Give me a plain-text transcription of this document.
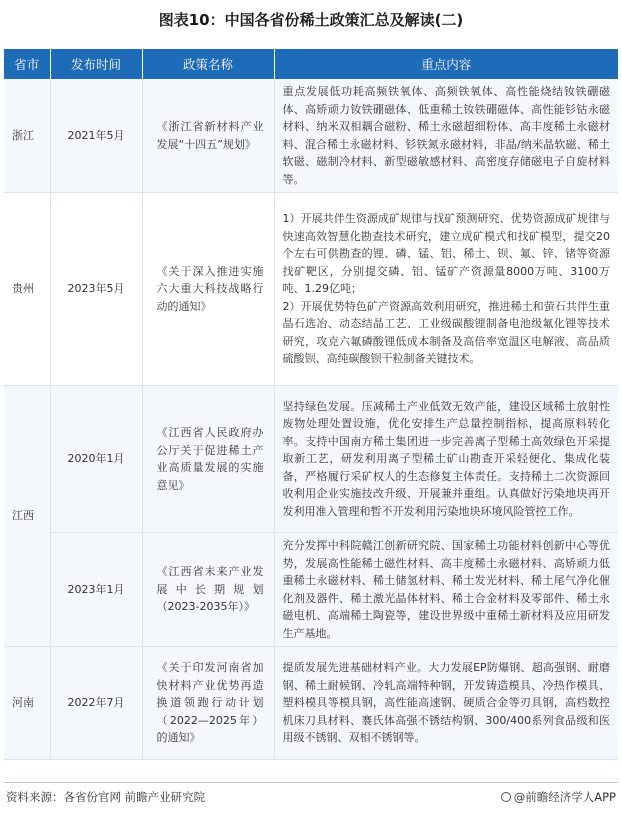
图表10：中国各省份稀土政策汇总及解读(二)
省市	发布时间	政策名称	重点内容
浙江	2021年5月	《浙江省新材料产业发展“十四五”规划》	重点发展低功耗高频铁氧体、高频铁氧体、高性能烧结钕铁硼磁体、高矫顽力钕铁硼磁体、低重稀土钕铁硼磁体、高性能钐钴永磁材料、纳米双相耦合磁粉、稀土永磁超细粉体、高丰度稀土永磁材料、混合稀土永磁材料、钐铁氮永磁材料，非晶/纳米晶软磁、稀土软磁、磁制冷材料、新型磁敏感材料、高密度存储磁电子自旋材料等。

贵州	2023年5月	《关于深入推进实施六大重大科技战略行动的通知》	1）开展共伴生资源成矿规律与找矿预测研究、优势资源成矿规律与快速高效智慧化勘查技术研究，建立成矿模式和找矿模型，提交20个左右可供勘查的锂、磷、锰、铝、稀土、钡、氟、锌、锗等资源找矿靶区，分别提交磷、铝、锰矿产资源量8000万吨、3100万吨、1.29亿吨；

2）开展优势特色矿产资源高效利用研究，推进稀土和萤石共伴生重晶石选冶、动态结晶工艺、工业级碳酸锂制备电池级氟化锂等技术研究，攻克六氟磷酸锂低成本制备及高倍率宽温区电解液、高品质硫酸钡、高纯碳酸钡干粒制备关键技术。

江西	2020年1月	《江西省人民政府办公厅关于促进稀土产业高质量发展的实施意见》	坚持绿色发展。压减稀土产业低效无效产能，建设区域稀土放射性废物处理处置设施，优化安排生产总量控制指标，提高原料转化率。支持中国南方稀土集团进一步完善离子型稀土高效绿色开采提取新工艺，研发利用离子型稀土矿山勘查开采轻便化、集成化装备，严格履行采矿权人的生态修复主体责任。支持稀土二次资源回收利用企业实施技改升级、开展兼并重组。认真做好污染地块再开发利用准入管理和暂不开发利用污染地块环境风险管控工作。

	2023年1月	《江西省未来产业发展中长期规划（2023-2035年）》	充分发挥中科院赣江创新研究院、国家稀土功能材料创新中心等优势，发展高性能稀土磁性材料、高丰度稀土永磁材料、高矫顽力低重稀土永磁材料、稀土储氢材料、稀土发光材料、稀土尾气净化催化剂及器件、稀土激光晶体材料、稀土合金材料及零部件、稀土永磁电机、高端稀土陶瓷等，建设世界级中重稀土新材料及应用研发生产基地。

河南	2022年7月	《关于印发河南省加快材料产业优势再造换道领跑行动计划（2022—2025年）的通知》	提质发展先进基础材料产业。大力发展EP防爆钢、超高强钢、耐磨钢、稀土耐候钢、冷轧高端特种钢，开发铸造模具、冷热作模具、塑料模具等模具钢，高性能高速钢、硬质合金等刃具钢，高档数控机床刀具材料、褰氏体高强不锈结构钢、300/400系列食品级和医用级不锈钢、双相不锈钢等。

资料来源：各省份官网 前瞻产业研究院	@前瞻经济学人APP
